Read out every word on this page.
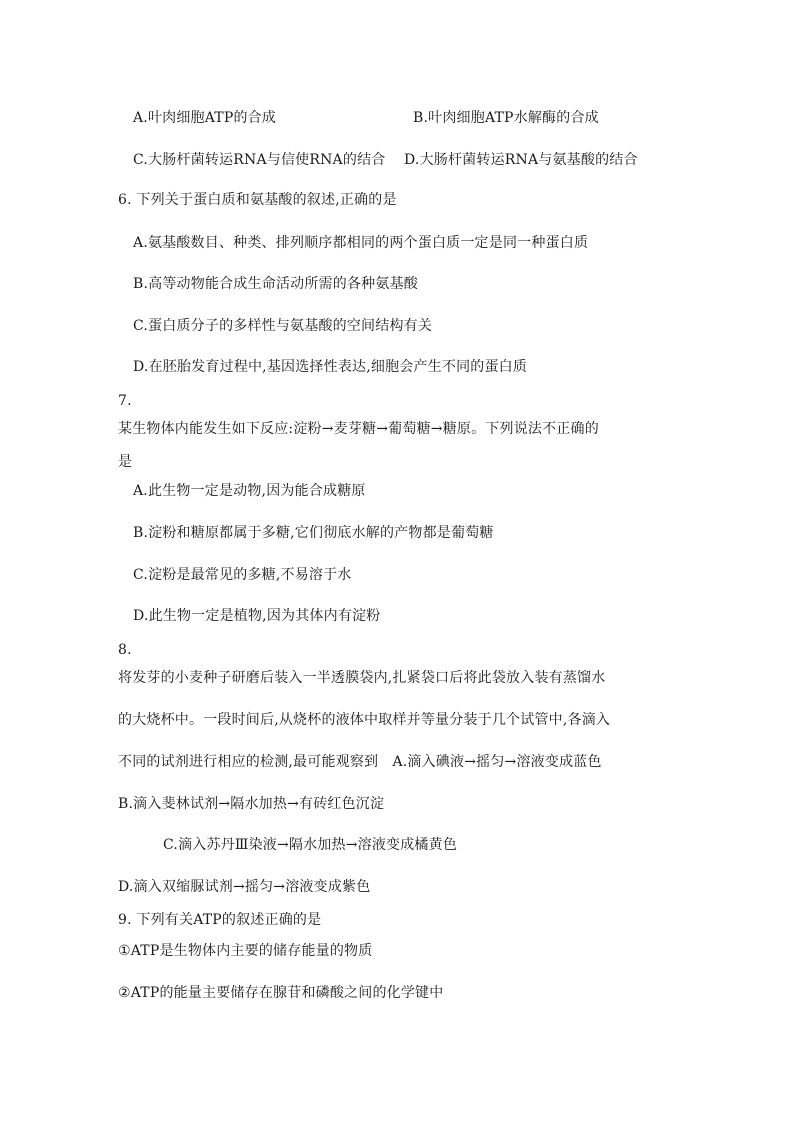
A.叶肉细胞ATP的合成	B.叶肉细胞ATP水解酶的合成
C.大肠杆菌转运RNA与信使RNA的结合 D.大肠杆菌转运RNA与氨基酸的结合
6. 下列关于蛋白质和氨基酸的叙述,正确的是
A.氨基酸数目、种类、排列顺序都相同的两个蛋白质一定是同一种蛋白质
B.高等动物能合成生命活动所需的各种氨基酸
C.蛋白质分子的多样性与氨基酸的空间结构有关
D.在胚胎发育过程中,基因选择性表达,细胞会产生不同的蛋白质
7.
某生物体内能发生如下反应:淀粉→麦芽糖→葡萄糖→糖原。下列说法不正确的
是
A.此生物一定是动物,因为能合成糖原
B.淀粉和糖原都属于多糖,它们彻底水解的产物都是葡萄糖
C.淀粉是最常见的多糖,不易溶于水
D.此生物一定是植物,因为其体内有淀粉
8.
将发芽的小麦种子研磨后装入一半透膜袋内,扎紧袋口后将此袋放入装有蒸馏水
的大烧杯中。一段时间后,从烧杯的液体中取样并等量分装于几个试管中,各滴入
不同的试剂进行相应的检测,最可能观察到　A.滴入碘液→摇匀→溶液变成蓝色
B.滴入斐林试剂→隔水加热→有砖红色沉淀
C.滴入苏丹Ⅲ染液→隔水加热→溶液变成橘黄色
D.滴入双缩脲试剂→摇匀→溶液变成紫色
9. 下列有关ATP的叙述正确的是
①ATP是生物体内主要的储存能量的物质
②ATP的能量主要储存在腺苷和磷酸之间的化学键中
